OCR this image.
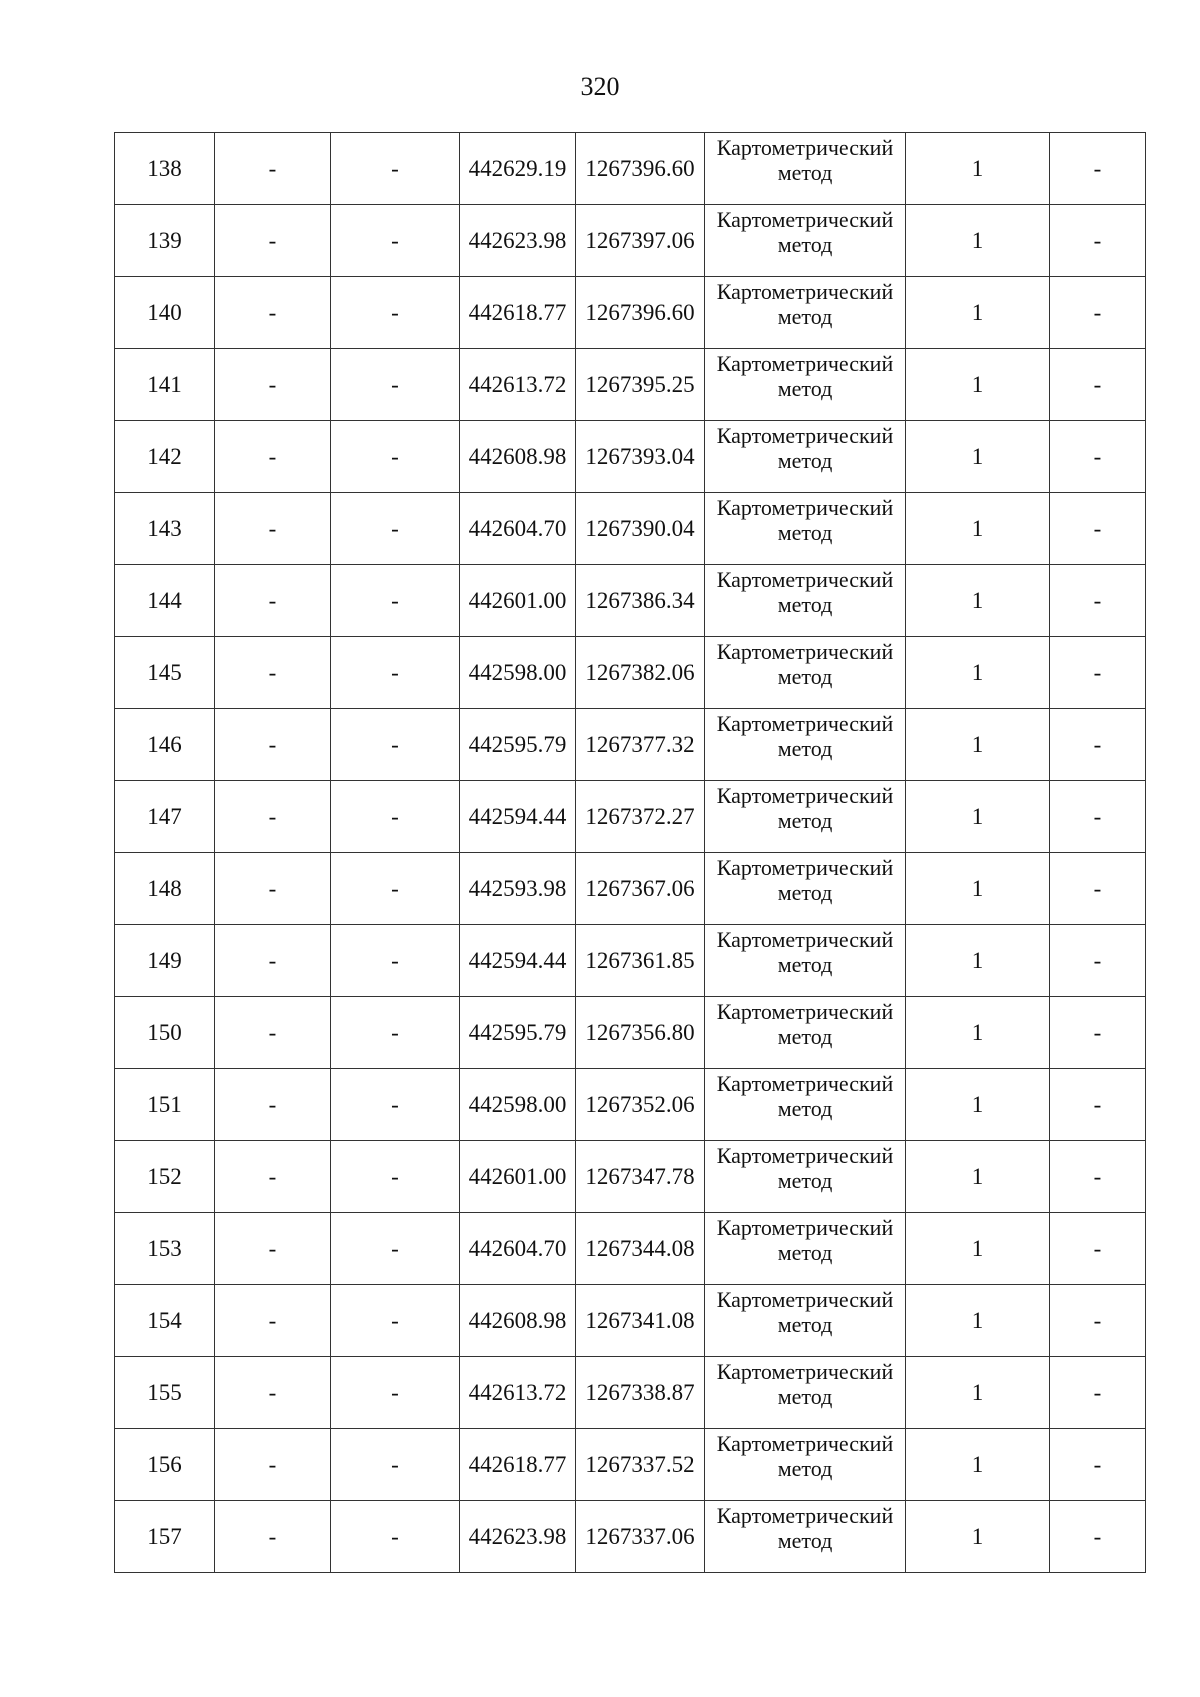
320
138	-	-	442629.19	1267396.60	Картометрический
метод	1	-
139	-	-	442623.98	1267397.06	Картометрический
метод	1	-
140	-	-	442618.77	1267396.60	Картометрический
метод	1	-
141	-	-	442613.72	1267395.25	Картометрический
метод	1	-
142	-	-	442608.98	1267393.04	Картометрический
метод	1	-
143	-	-	442604.70	1267390.04	Картометрический
метод	1	-
144	-	-	442601.00	1267386.34	Картометрический
метод	1	-
145	-	-	442598.00	1267382.06	Картометрический
метод	1	-
146	-	-	442595.79	1267377.32	Картометрический
метод	1	-
147	-	-	442594.44	1267372.27	Картометрический
метод	1	-
148	-	-	442593.98	1267367.06	Картометрический
метод	1	-
149	-	-	442594.44	1267361.85	Картометрический
метод	1	-
150	-	-	442595.79	1267356.80	Картометрический
метод	1	-
151	-	-	442598.00	1267352.06	Картометрический
метод	1	-
152	-	-	442601.00	1267347.78	Картометрический
метод	1	-
153	-	-	442604.70	1267344.08	Картометрический
метод	1	-
154	-	-	442608.98	1267341.08	Картометрический
метод	1	-
155	-	-	442613.72	1267338.87	Картометрический
метод	1	-
156	-	-	442618.77	1267337.52	Картометрический
метод	1	-
157	-	-	442623.98	1267337.06	Картометрический
метод	1	-
